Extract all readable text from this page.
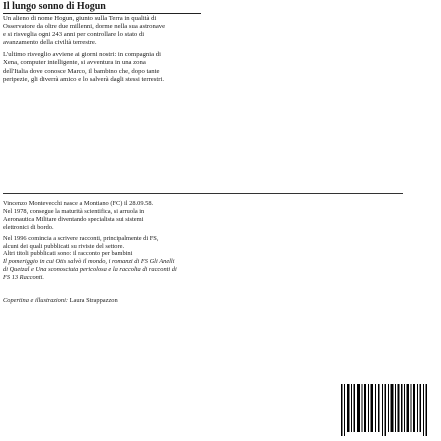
Il lungo sonno di Hogun

Un alieno di nome Hogun, giunto sulla Terra in qualità di
Osservatore da oltre due millenni, dorme nella sua astronave
e si risveglia ogni 243 anni per controllare lo stato di
avanzamento della civiltà terrestre.

L'ultimo risveglio avviene ai giorni nostri: in compagnia di
Xena, computer intelligente, si avventura in una zona
dell'Italia dove conosce Marco, il bambino che, dopo tante
peripezie, gli diverrà amico e lo salverà dagli stessi terrestri.

Vincenzo Montevecchi nasce a Montiano (FC) il 28.09.58.
Nel 1978, consegue la maturità scientifica, si arruola in
Aeronautica Militare diventando specialista sui sistemi
elettronici di bordo.

Nel 1996 comincia a scrivere racconti, principalmente di FS,
alcuni dei quali pubblicati su riviste del settore.
Altri titoli pubblicati sono: il racconto per bambini
Il pomeriggio in cui Otis salvò il mondo, i romanzi di FS Gli Anelli
di Quetzal e Una sconosciuta pericolosa e la raccolta di racconti di
FS 13 Racconti.

Copertina e illustrazioni: Laura Strappazzon
